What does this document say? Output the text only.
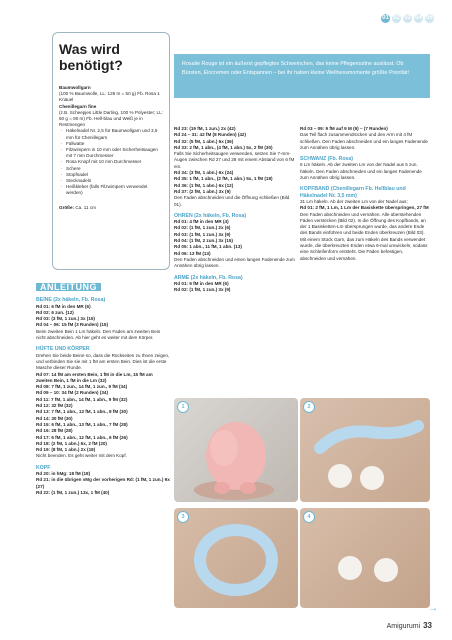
01 02 03 04 05
Was wird benötigt?
Baumwollgarn
(100 % Baumwolle, LL: 125 m = 50 g) Fb. Rosa 1 Knäuel
Chenillegarn fine
(z.B. Scheepjes Little Darling, 100 % Polyester; LL: 50 g = 90 m) Fb. Hell-blau und Weiß je in Restmengen
· Häkelnadel Nr. 2,5 für Baumwollgarn und 3,5 mm für Chenillegarn
· Füllwatte
· Filzwimpern in 10 mm oder Sicherheitsaugen mit 7 mm Durchmesser
· Rosa Knopf mit 10 mm Durchmesser
· Schere
· Stopfnadel
· Stecknadeln
· Heißkleber (falls Filzwimpern verwendet werden)
Größe: Ca. 11 cm
Rosalie Rouge ist ein äußerst gepflegtes Schweinchen, das keine Pflegeroutine auslässt. Ob Bürsten, Eincremen oder Entspannen – bei ihr haben kleine Wellnessmomente größte Priorität!
ANLEITUNG
BEINE (2x häkeln, Fb. Rosa)

Rd 01: 6 fM in den MR (6)

Rd 02: 6 zun. (12)

Rd 03: (3 fM, 1 zun.) 3x (15)

Rd 04 – 06: 15 fM (3 Runden) (15)

Beim zweiten Bein 1 Lm häkeln. Den Faden am zweiten Bein nicht abschneiden. Ab hier geht es weiter mit dem Körper.

HÜFTE UND KÖRPER

Drehen Sie beide Beine so, dass die Rückseiten zu Ihnen zeigen, und verbinden Sie sie mit 1 fM am ersten Bein. Dies ist die erste Masche dieser Runde.

Rd 07: 14 fM am ersten Bein, 1 fM in die Lm, 15 fM am zweiten Bein, 1 fM in die Lm (32)

Rd 08: 7 fM, 1 zun., 14 fM, 1 zun., 9 fM (34)

Rd 09 – 10: 34 fM (2 Runden) (34)

Rd 11: 7 fM, 1 abn., 14 fM, 1 abn., 9 fM (32)

Rd 12: 32 fM (32)

Rd 13: 7 fM, 1 abn., 13 fM, 1 abn., 8 fM (30)

Rd 14: 30 fM (30)

Rd 15: 6 fM, 1 abn., 13 fM, 1 abn., 7 fM (28)

Rd 16: 28 fM (28)

Rd 17: 6 fM, 1 abn., 12 fM, 1 abn., 6 fM (26)

Rd 18: (2 fM, 1 abn.) 6x, 2 fM (20)

Rd 19: (8 fM, 1 abn.) 2x (18)

Nicht beenden. Es geht weiter mit dem Kopf.

KOPF

Rd 20: in hMg: 18 fM (18)

Rd 21: in die übrigen vMg der vorherigen Rd: (1 fM, 1 zun.) 9x (27)

Rd 22: (1 fM, 1 zun.) 13x, 1 fM (40)

Rd 23: (19 fM, 1 zun.) 2x (42)

Rd 24 – 31: 42 fM (8 Runden) (42)

Rd 32: (5 fM, 1 abn.) 6x (36)

Rd 33: 2 fM, 1 abn., (4 fM, 1 abn.) 5x, 2 fM (30)

Falls Sie Sicherheitsaugen verwenden, setzen Sie 7-mm-Augen zwischen Rd 27 und 28 mit einem Abstand von 6 fM ein.

Rd 34: (3 fM, 1 abn.) 6x (24)

Rd 35: 1 fM, 1 abn., (2 fM, 1 abn.) 5x, 1 fM (18)

Rd 36: (1 fM, 1 abn.) 6x (12)

Rd 37: (2 fM, 1 abn.) 3x (9)

Den Faden abschneiden und die Öffnung schließen (Bild 01).

OHREN (2x häkeln, Fb. Rosa)

Rd 01: 4 fM in den MR (4)

Rd 02: (1 fM, 1 zun.) 2x (6)

Rd 03: (1 fM, 1 zun.) 3x (9)

Rd 04: (1 fM, 2 zun.) 3x (15)

Rd 05: 1 abn., 11 fM, 1 abn. (13)

Rd 06: 13 fM (13)

Den Faden abschneiden und einen langes Fadenende zum Annähen übrig lassen.

ARME (2x häkeln, Fb. Rosa)

Rd 01: 6 fM in den MR (6)

Rd 02: (1 fM, 1 zun.) 3x (9)

Rd 03 – 09: 9 fM auf 9 M (9) – (7 Runden)

Das Teil flach zusammendrücken und den Arm mit 4 fM schließen. Den Faden abschneiden und ein langes Fadenende zum Annähen übrig lassen.

SCHWANZ (Fb. Rosa)

6 Lm häkeln. Ab der zweiten Lm von der Nadel aus 5 zun. häkeln. Den Faden abschneiden und ein langes Fadenende zum Annähen übrig lassen.

KOPFBAND (Chenillegarn Fb. Hellblau und Häkelnadel Nr. 3,5 mm)

31 Lm häkeln. Ab der zweiten Lm von der Nadel aus:

Rd 01: 2 fM, 1 Lm, 1 Lm der Basiskette überspringen, 27 fM

Den Faden abschneiden und vernähen. Alle überstehenden Fäden verstecken (Bild 02). In die Öffnung des Kopfbands, an der 1 Basisketten-Lm übersprungen wurde, das andere Ende des Bands einführen und beide Enden überkreuzen (Bild 03). Mit einem Stück Garn, das zum Häkeln des Bands verwendet wurde, die überkreuzten Enden etwa 6-mal umwickeln, sodass eine Schleifenform entsteht. Die Fäden befestigen, abschneiden und vernähen.

1	2
3	4
→
Amigurumi 33
